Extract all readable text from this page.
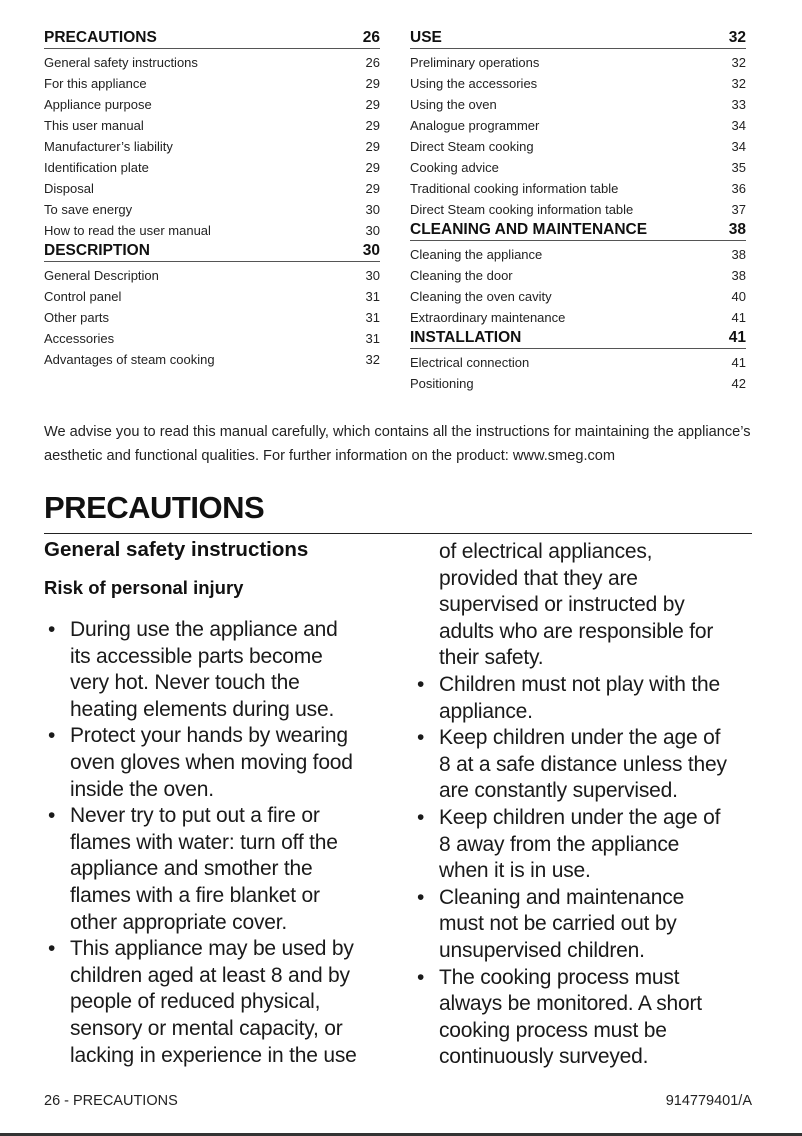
PRECAUTIONS	26
General safety instructions	26
For this appliance	29
Appliance purpose	29
This user manual	29
Manufacturer’s liability	29
Identification plate	29
Disposal	29
To save energy	30
How to read the user manual	30
DESCRIPTION	30
General Description	30
Control panel	31
Other parts	31
Accessories	31
Advantages of steam cooking	32
USE	32
Preliminary operations	32
Using the accessories	32
Using the oven	33
Analogue programmer	34
Direct Steam cooking	34
Cooking advice	35
Traditional cooking information table	36
Direct Steam cooking information table	37
CLEANING AND MAINTENANCE	38
Cleaning the appliance	38
Cleaning the door	38
Cleaning the oven cavity	40
Extraordinary maintenance	41
INSTALLATION	41
Electrical connection	41
Positioning	42
We advise you to read this manual carefully, which contains all the instructions for maintaining the appliance’s aesthetic and functional qualities. For further information on the product: www.smeg.com
PRECAUTIONS
General safety instructions
Risk of personal injury
• During use the appliance and
its accessible parts become
very hot. Never touch the
heating elements during use.
• Protect your hands by wearing
oven gloves when moving food
inside the oven.
• Never try to put out a fire or
flames with water: turn off the
appliance and smother the
flames with a fire blanket or
other appropriate cover.
• This appliance may be used by
children aged at least 8 and by
people of reduced physical,
sensory or mental capacity, or
lacking in experience in the use
of electrical appliances,
provided that they are
supervised or instructed by
adults who are responsible for
their safety.
• Children must not play with the
appliance.
• Keep children under the age of
8 at a safe distance unless they
are constantly supervised.
• Keep children under the age of
8 away from the appliance
when it is in use.
• Cleaning and maintenance
must not be carried out by
unsupervised children.
• The cooking process must
always be monitored. A short
cooking process must be
continuously surveyed.
26 - PRECAUTIONS	914779401/A
